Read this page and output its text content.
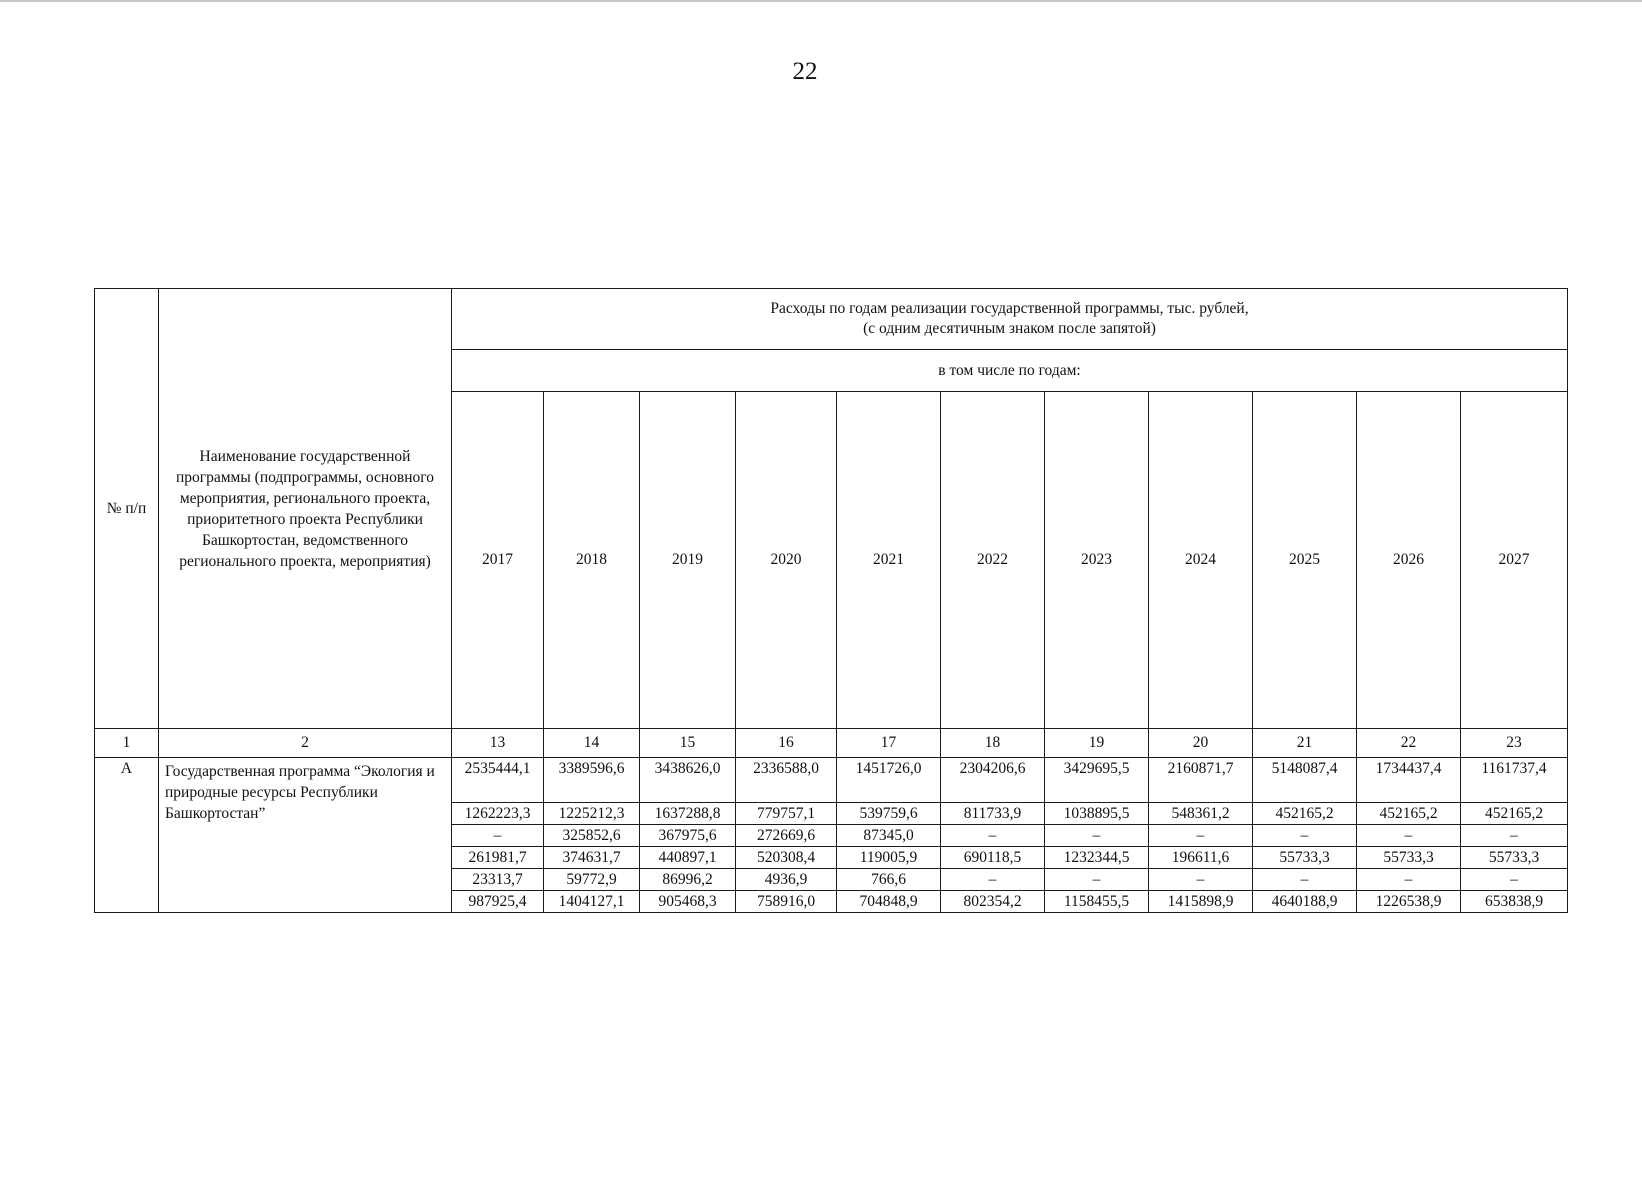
22
№ п/п	Наименование государственной программы (подпрограммы, основного мероприятия, регионального проекта, приоритетного проекта Республики Башкортостан, ведомственного регионального проекта, мероприятия)	Расходы по годам реализации государственной программы, тыс. рублей,
(с одним десятичным знаком после запятой)										

		в том числе по годам:										
		2017	2018	2019	2020	2021	2022	2023	2024	2025	2026	2027
1	2	13	14	15	16	17	18	19	20	21	22	23
А	Государственная программа “Экология и природные ресурсы Республики Башкортостан”	2535444,1	3389596,6	3438626,0	2336588,0	1451726,0	2304206,6	3429695,5	2160871,7	5148087,4	1734437,4	1161737,4
		1262223,3	1225212,3	1637288,8	779757,1	539759,6	811733,9	1038895,5	548361,2	452165,2	452165,2	452165,2
		–	325852,6	367975,6	272669,6	87345,0	–	–	–	–	–	–
		261981,7	374631,7	440897,1	520308,4	119005,9	690118,5	1232344,5	196611,6	55733,3	55733,3	55733,3
		23313,7	59772,9	86996,2	4936,9	766,6	–	–	–	–	–	–
		987925,4	1404127,1	905468,3	758916,0	704848,9	802354,2	1158455,5	1415898,9	4640188,9	1226538,9	653838,9
